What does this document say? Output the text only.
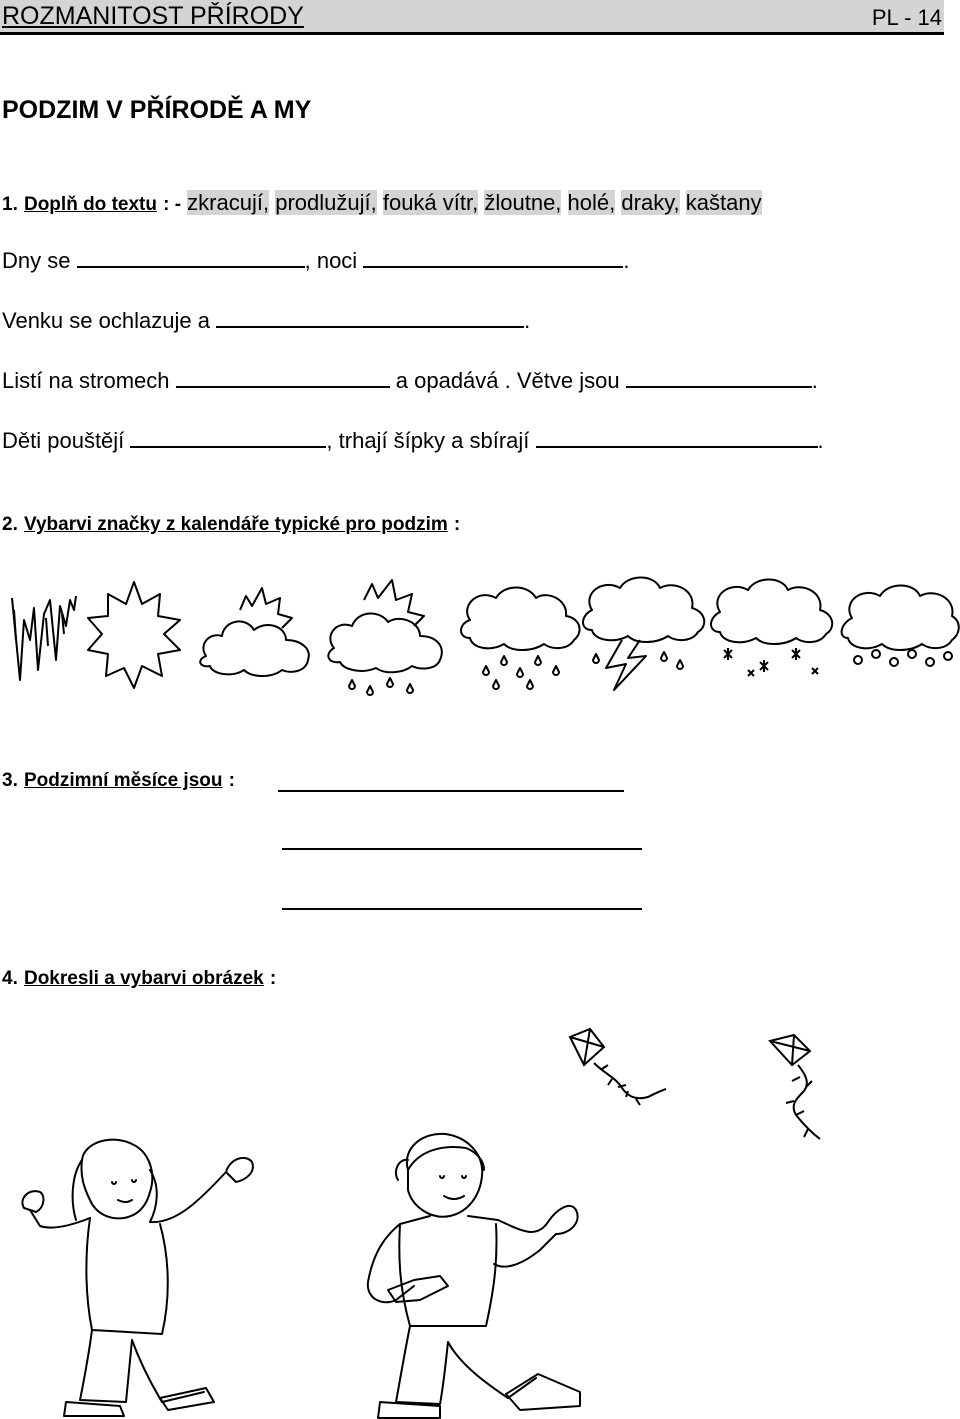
ROZMANITOST PŘÍRODY	PL - 14
PODZIM V PŘÍRODĚ A MY
1. Doplň do textu : - zkracují, prodlužují, fouká vítr, žloutne, holé, draky, kaštany
Dny se	, noci	.
Venku se ochlazuje a	.
Listí na stromech	a opadává . Větve jsou	.
Děti pouštějí	, trhají šípky a sbírají	.
2. Vybarvi značky z kalendáře typické pro podzim :
3. Podzimní měsíce jsou :
4. Dokresli a vybarvi obrázek :
